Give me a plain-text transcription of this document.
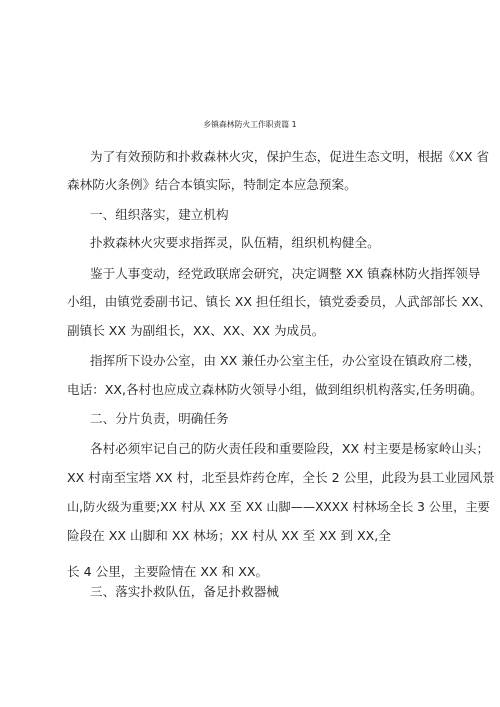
乡镇森林防火工作职责篇 1
为了有效预防和扑救森林火灾，保护生态，促进生态文明，根据《XX 省
森林防火条例》结合本镇实际，特制定本应急预案。
一、组织落实，建立机构
扑救森林火灾要求指挥灵，队伍精，组织机构健全。
鉴于人事变动，经党政联席会研究，决定调整 XX 镇森林防火指挥领导
小组，由镇党委副书记、镇长 XX 担任组长，镇党委委员，人武部部长 XX、
副镇长 XX 为副组长，XX、XX、XX 为成员。
指挥所下设办公室，由 XX 兼任办公室主任，办公室设在镇政府二楼，
电话：XX,各村也应成立森林防火领导小组，做到组织机构落实,任务明确。
二、分片负责，明确任务
各村必须牢记自己的防火责任段和重要险段，XX 村主要是杨家岭山头；
XX 村南至宝塔 XX 村，北至县炸药仓库，全长 2 公里，此段为县工业园风景
山,防火级为重要;XX 村从 XX 至 XX 山脚——XXXX 村林场全长 3 公里，主要
险段在 XX 山脚和 XX 林场；XX 村从 XX 至 XX 到 XX,全
长 4 公里，主要险情在 XX 和 XX。
三、落实扑救队伍，备足扑救器械
